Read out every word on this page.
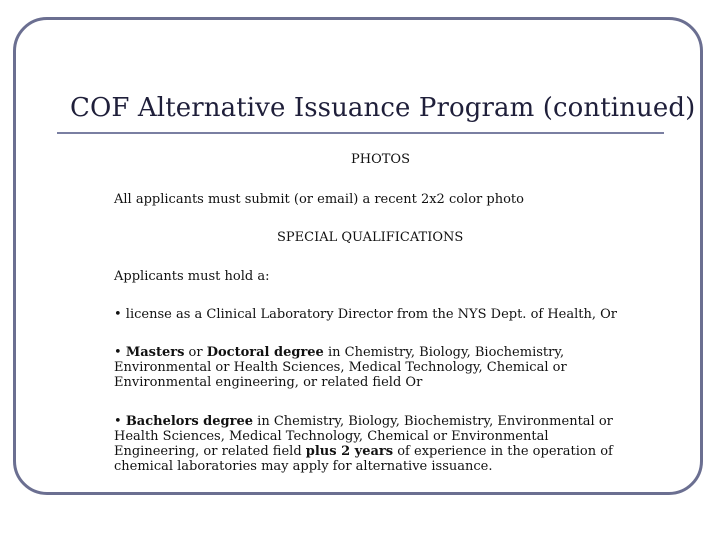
COF Alternative Issuance Program (continued)
PHOTOS
All applicants must submit (or email) a recent 2x2 color photo
SPECIAL QUALIFICATIONS
Applicants must hold a:
• license as a Clinical Laboratory Director from the NYS Dept. of Health, Or
• Masters or Doctoral degree in Chemistry, Biology, Biochemistry,
Environmental or Health Sciences, Medical Technology, Chemical or
Environmental engineering, or related field Or
• Bachelors degree in Chemistry, Biology, Biochemistry, Environmental or
Health Sciences, Medical Technology, Chemical or Environmental
Engineering, or related field plus 2 years of experience in the operation of
chemical laboratories may apply for alternative issuance.
